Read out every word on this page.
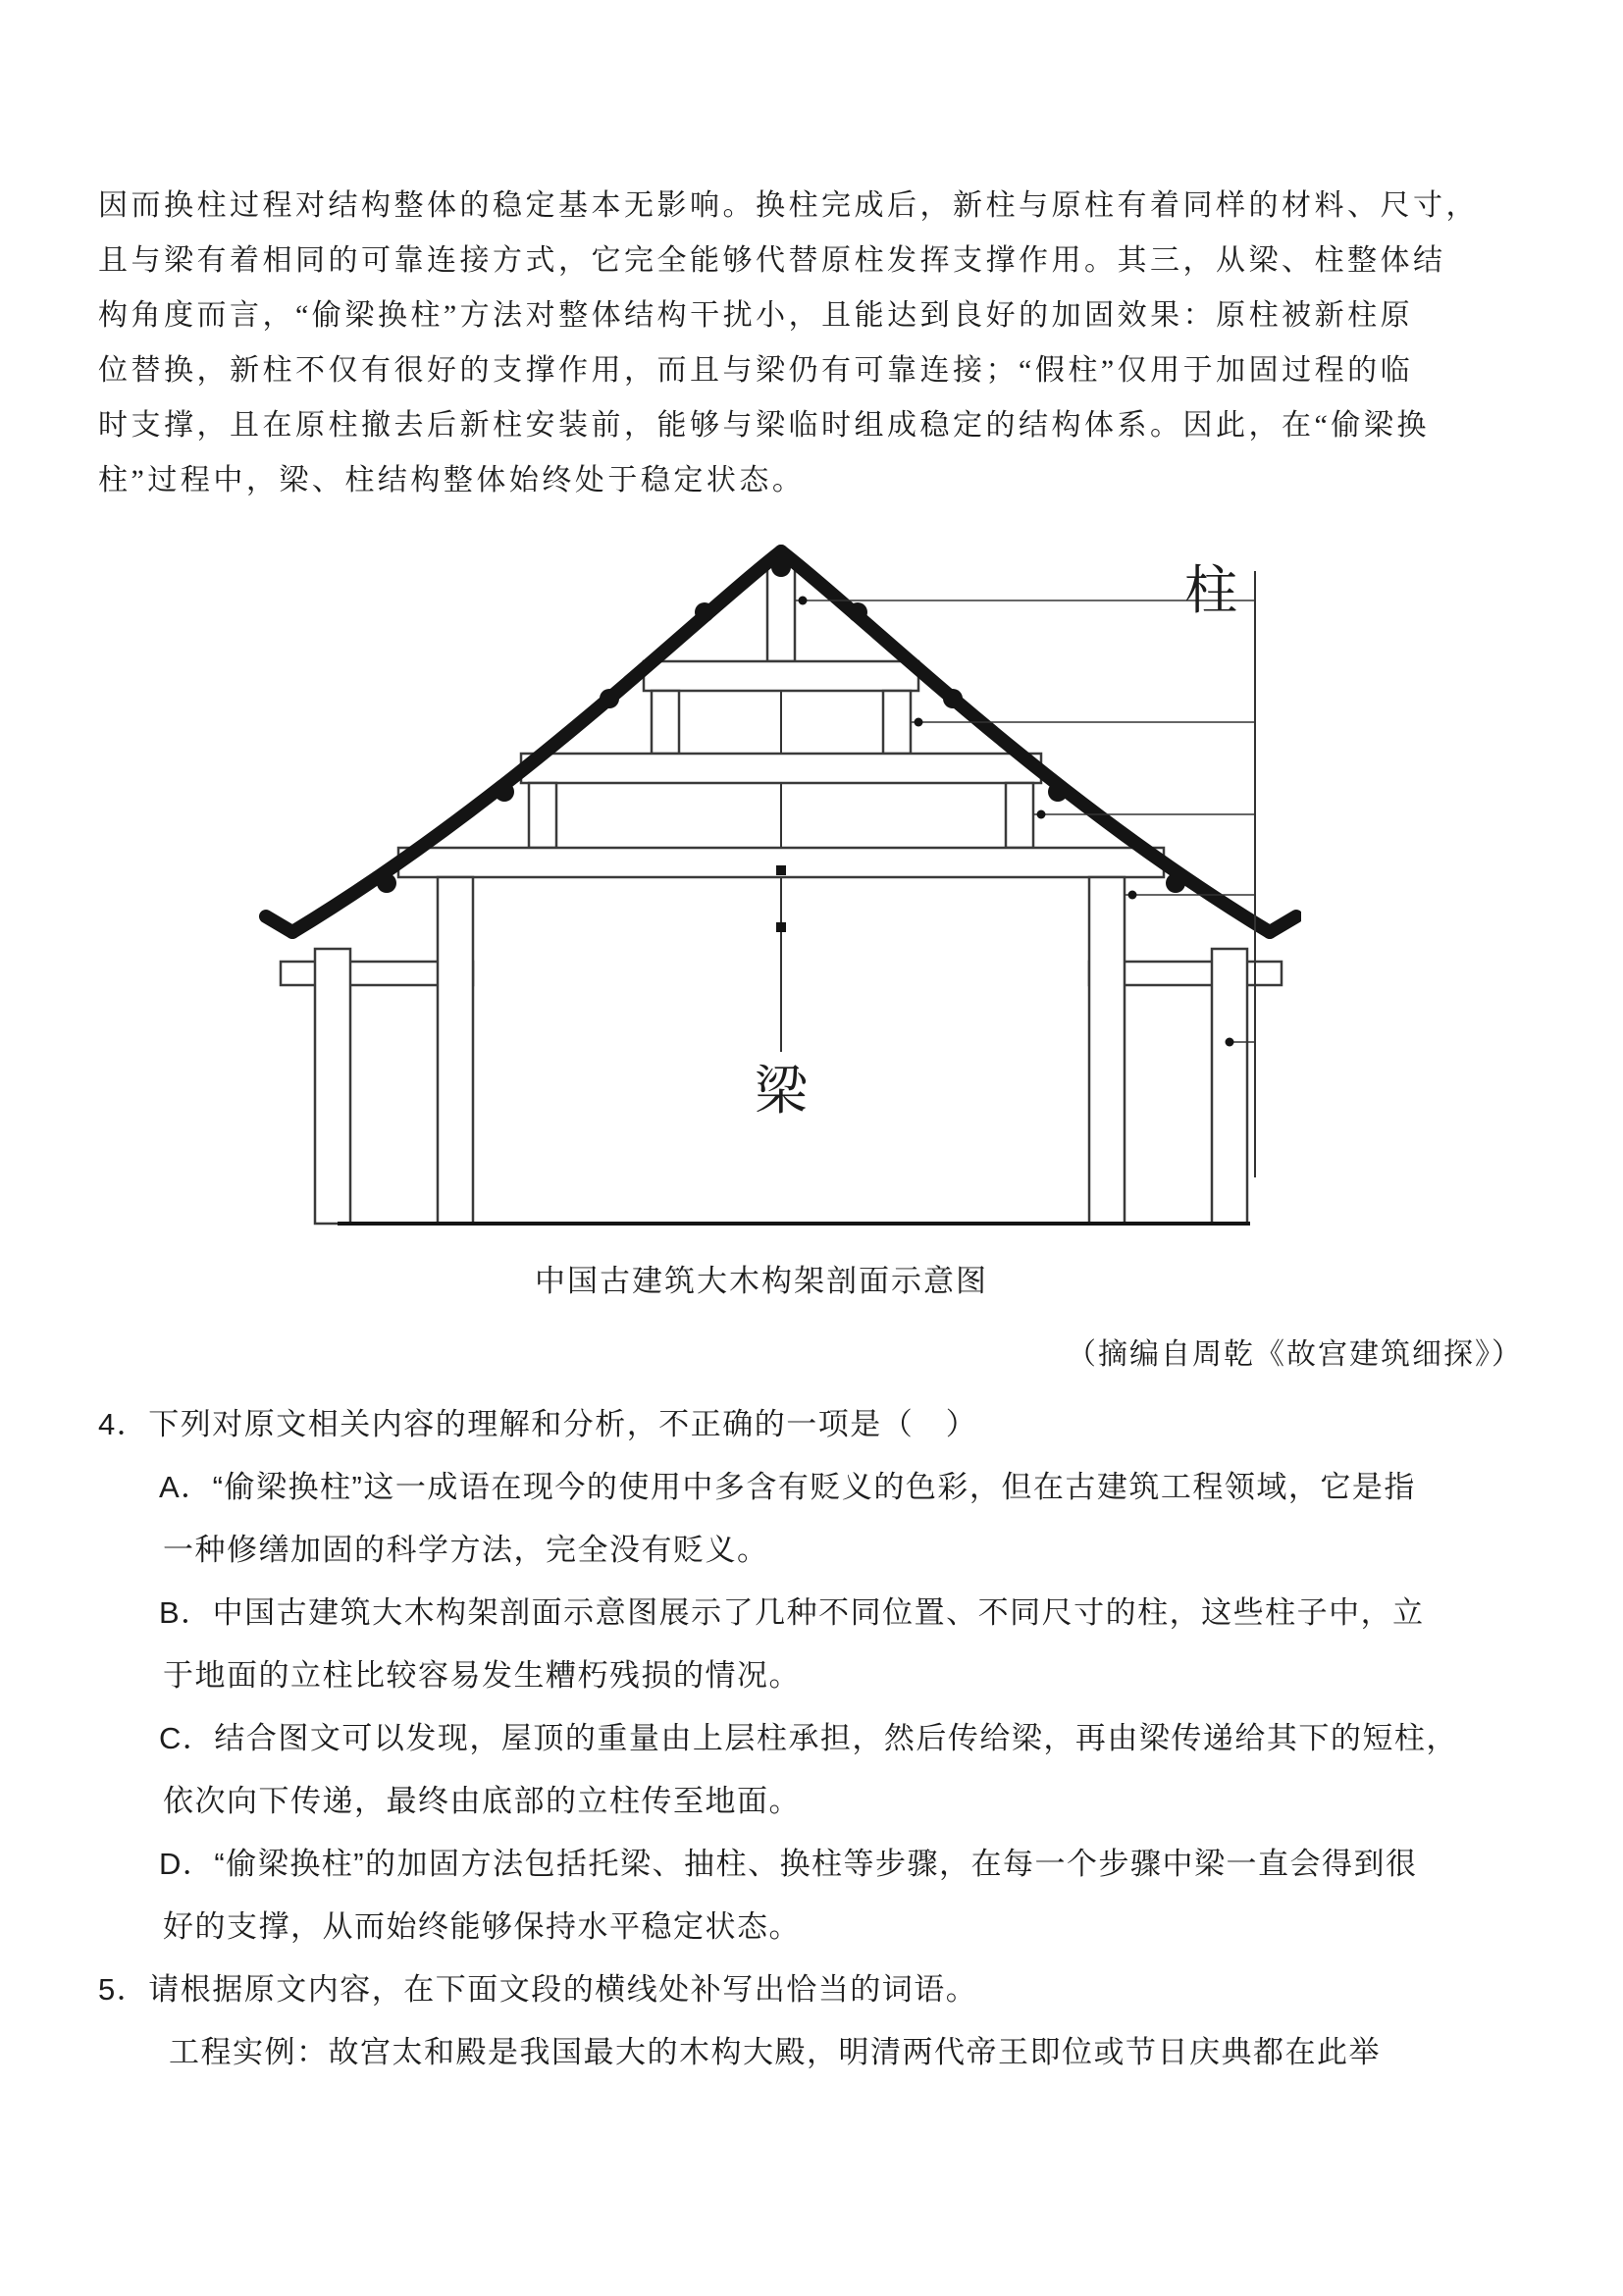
因而换柱过程对结构整体的稳定基本无影响。换柱完成后，新柱与原柱有着同样的材料、尺寸，
且与梁有着相同的可靠连接方式，它完全能够代替原柱发挥支撑作用。其三，从梁、柱整体结
构角度而言，“偷梁换柱”方法对整体结构干扰小，且能达到良好的加固效果：原柱被新柱原
位替换，新柱不仅有很好的支撑作用，而且与梁仍有可靠连接；“假柱”仅用于加固过程的临
时支撑，且在原柱撤去后新柱安装前，能够与梁临时组成稳定的结构体系。因此，在“偷梁换
柱”过程中，梁、柱结构整体始终处于稳定状态。
柱
梁
中国古建筑大木构架剖面示意图
（摘编自周乾《故宫建筑细探》）
4．下列对原文相关内容的理解和分析，不正确的一项是（　）
A．“偷梁换柱”这一成语在现今的使用中多含有贬义的色彩，但在古建筑工程领域，它是指
一种修缮加固的科学方法，完全没有贬义。
B．中国古建筑大木构架剖面示意图展示了几种不同位置、不同尺寸的柱，这些柱子中，立
于地面的立柱比较容易发生糟朽残损的情况。
C．结合图文可以发现，屋顶的重量由上层柱承担，然后传给梁，再由梁传递给其下的短柱，
依次向下传递，最终由底部的立柱传至地面。
D．“偷梁换柱”的加固方法包括托梁、抽柱、换柱等步骤，在每一个步骤中梁一直会得到很
好的支撑，从而始终能够保持水平稳定状态。
5．请根据原文内容，在下面文段的横线处补写出恰当的词语。
工程实例：故宫太和殿是我国最大的木构大殿，明清两代帝王即位或节日庆典都在此举
